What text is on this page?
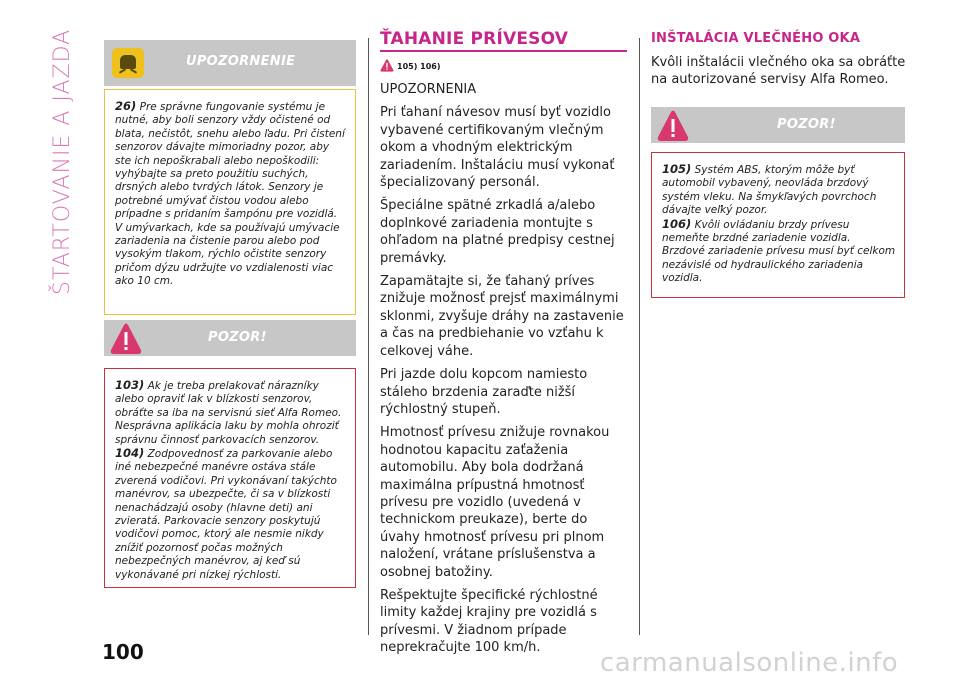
ŠTARTOVANIE A JAZDA	UPOZORNENIE

26) Pre správne fungovanie systému je nutné, aby boli senzory vždy očistené od blata, nečistôt, snehu alebo ľadu. Pri čistení senzorov dávajte mimoriadny pozor, aby ste ich nepoškrabali alebo nepoškodili: vyhýbajte sa preto použitiu suchých, drsných alebo tvrdých látok. Senzory je potrebné umývať čistou vodou alebo prípadne s pridaním šampónu pre vozidlá. V umývarkach, kde sa používajú umývacie zariadenia na čistenie parou alebo pod vysokým tlakom, rýchlo očistite senzory pričom dýzu udržujte vo vzdialenosti viac ako 10 cm.

POZOR!

103) Ak je treba prelakovať nárazníky alebo opraviť lak v blízkosti senzorov, obráťte sa iba na servisnú sieť Alfa Romeo. Nesprávna aplikácia laku by mohla ohroziť správnu činnosť parkovacích senzorov.

104) Zodpovednosť za parkovanie alebo iné nebezpečné manévre ostáva stále zverená vodičovi. Pri vykonávaní takýchto manévrov, sa ubezpečte, či sa v blízkosti nenachádzajú osoby (hlavne deti) ani zvieratá. Parkovacie senzory poskytujú vodičovi pomoc, ktorý ale nesmie nikdy znížiť pozornosť počas možných nebezpečných manévrov, aj keď sú vykonávané pri nízkej rýchlosti.

ŤAHANIE PRÍVESOV
105) 106)

UPOZORNENIA

Pri ťahaní návesov musí byť vozidlo vybavené certifikovaným vlečným okom a vhodným elektrickým zariadením. Inštaláciu musí vykonať špecializovaný personál.

Špeciálne spätné zrkadlá a/alebo doplnkové zariadenia montujte s ohľadom na platné predpisy cestnej premávky.

Zapamätajte si, že ťahaný príves znižuje možnosť prejsť maximálnymi sklonmi, zvyšuje dráhy na zastavenie a čas na predbiehanie vo vzťahu k celkovej váhe.

Pri jazde dolu kopcom namiesto stáleho brzdenia zaraďte nižší rýchlostný stupeň.

Hmotnosť prívesu znižuje rovnakou hodnotou kapacitu zaťaženia automobilu. Aby bola dodržaná maximálna prípustná hmotnosť prívesu pre vozidlo (uvedená v technickom preukaze), berte do úvahy hmotnosť prívesu pri plnom naložení, vrátane príslušenstva a osobnej batožiny.

Rešpektujte špecifické rýchlostné limity každej krajiny pre vozidlá s prívesmi. V žiadnom prípade neprekračujte 100 km/h.

INŠTALÁCIA VLEČNÉHO OKA
Kvôli inštalácii vlečného oka sa obráťte na autorizované servisy Alfa Romeo.
POZOR!

105) Systém ABS, ktorým môže byť automobil vybavený, neovláda brzdový systém vleku. Na šmykľavých povrchoch dávajte veľký pozor.

106) Kvôli ovládaniu brzdy prívesu nemeňte brzdné zariadenie vozidla. Brzdové zariadenie prívesu musí byť celkom nezávislé od hydraulického zariadenia vozidla.

100	carmanualsonline.info
